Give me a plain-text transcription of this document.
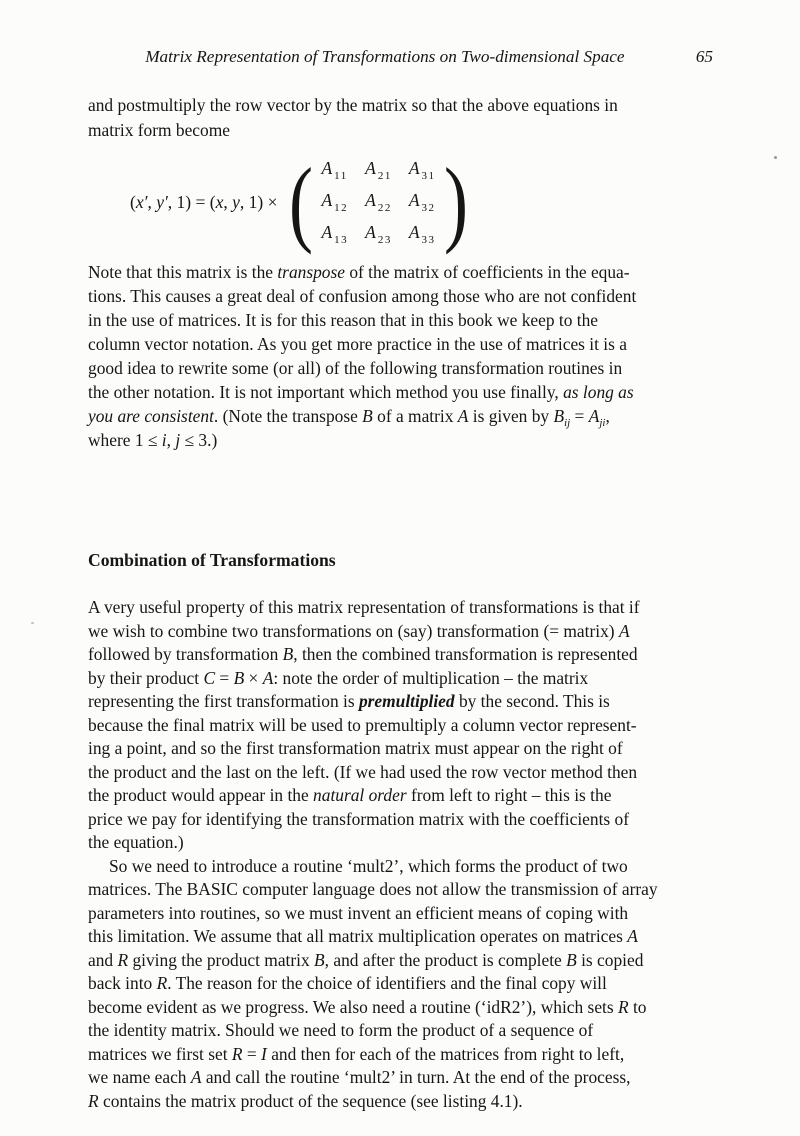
Matrix Representation of Transformations on Two-dimensional Space	65
and postmultiply the row vector by the matrix so that the above equations in
matrix form become
(x′, y′, 1) = (x, y, 1) × ( A $_{11}$ A $_{21}$ A $_{31}$
A $_{12}$ A $_{22}$ A $_{32}$
A $_{13}$ A $_{23}$ A $_{33}$ )
Note that this matrix is the transpose of the matrix of coefficients in the equa-
tions. This causes a great deal of confusion among those who are not confident
in the use of matrices. It is for this reason that in this book we keep to the
column vector notation. As you get more practice in the use of matrices it is a
good idea to rewrite some (or all) of the following transformation routines in
the other notation. It is not important which method you use finally, as long as
you are consistent. (Note the transpose B of a matrix A is given by $B_{ij} = A_{ji}$,
where 1 ≤ i, j ≤ 3.)
Combination of Transformations
A very useful property of this matrix representation of transformations is that if
we wish to combine two transformations on (say) transformation (= matrix) A
followed by transformation B, then the combined transformation is represented
by their product C = B × A: note the order of multiplication – the matrix
representing the first transformation is premultiplied by the second. This is
because the final matrix will be used to premultiply a column vector represent-
ing a point, and so the first transformation matrix must appear on the right of
the product and the last on the left. (If we had used the row vector method then
the product would appear in the natural order from left to right – this is the
price we pay for identifying the transformation matrix with the coefficients of
the equation.)
So we need to introduce a routine ‘mult2’, which forms the product of two
matrices. The BASIC computer language does not allow the transmission of array
parameters into routines, so we must invent an efficient means of coping with
this limitation. We assume that all matrix multiplication operates on matrices A
and R giving the product matrix B, and after the product is complete B is copied
back into R. The reason for the choice of identifiers and the final copy will
become evident as we progress. We also need a routine (‘idR2’), which sets R to
the identity matrix. Should we need to form the product of a sequence of
matrices we first set R = I and then for each of the matrices from right to left,
we name each A and call the routine ‘mult2’ in turn. At the end of the process,
R contains the matrix product of the sequence (see listing 4.1).
